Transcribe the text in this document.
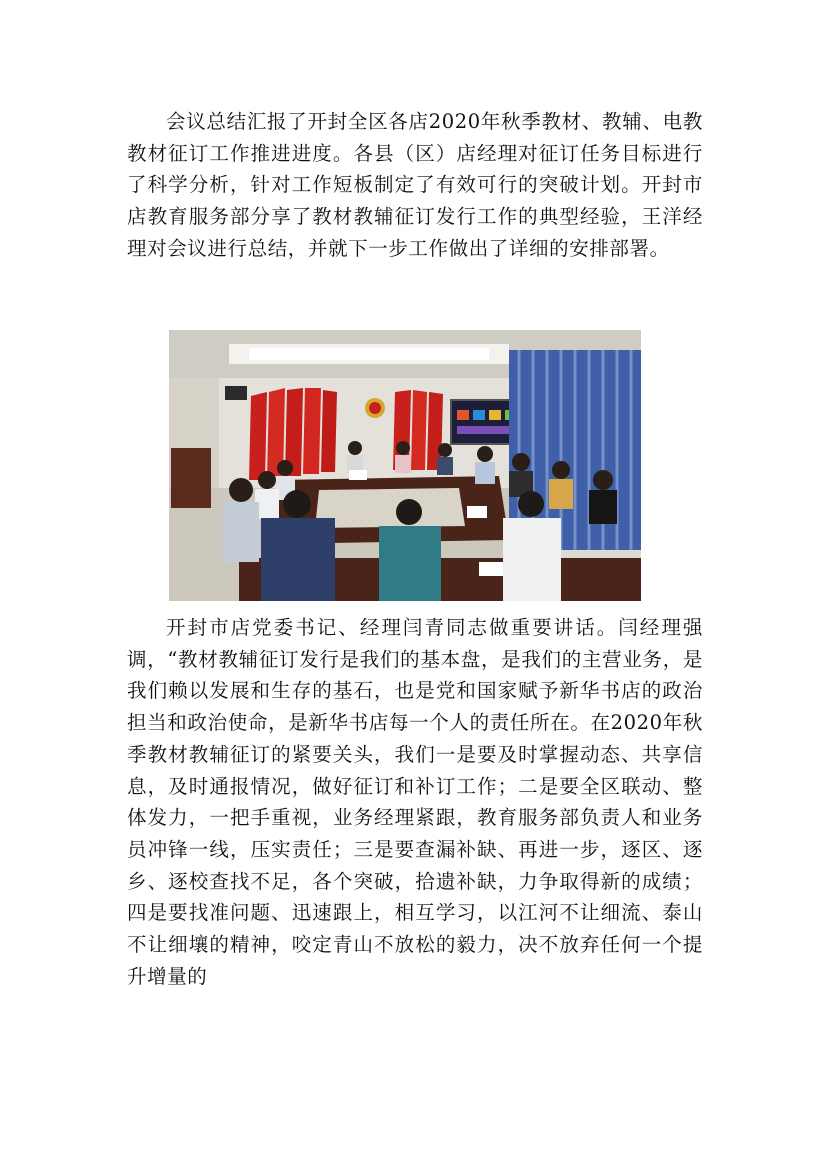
会议总结汇报了开封全区各店2020年秋季教材、教辅、电教教材征订工作推进进度。各县（区）店经理对征订任务目标进行了科学分析，针对工作短板制定了有效可行的突破计划。开封市店教育服务部分享了教材教辅征订发行工作的典型经验，王洋经理对会议进行总结，并就下一步工作做出了详细的安排部署。

开封市店党委书记、经理闫青同志做重要讲话。闫经理强调，“教材教辅征订发行是我们的基本盘，是我们的主营业务，是我们赖以发展和生存的基石，也是党和国家赋予新华书店的政治担当和政治使命，是新华书店每一个人的责任所在。在2020年秋季教材教辅征订的紧要关头，我们一是要及时掌握动态、共享信息，及时通报情况，做好征订和补订工作；二是要全区联动、整体发力，一把手重视，业务经理紧跟，教育服务部负责人和业务员冲锋一线，压实责任；三是要查漏补缺、再进一步，逐区、逐乡、逐校查找不足，各个突破，拾遗补缺，力争取得新的成绩；四是要找准问题、迅速跟上，相互学习，以江河不让细流、泰山不让细壤的精神，咬定青山不放松的毅力，决不放弃任何一个提升增量的
